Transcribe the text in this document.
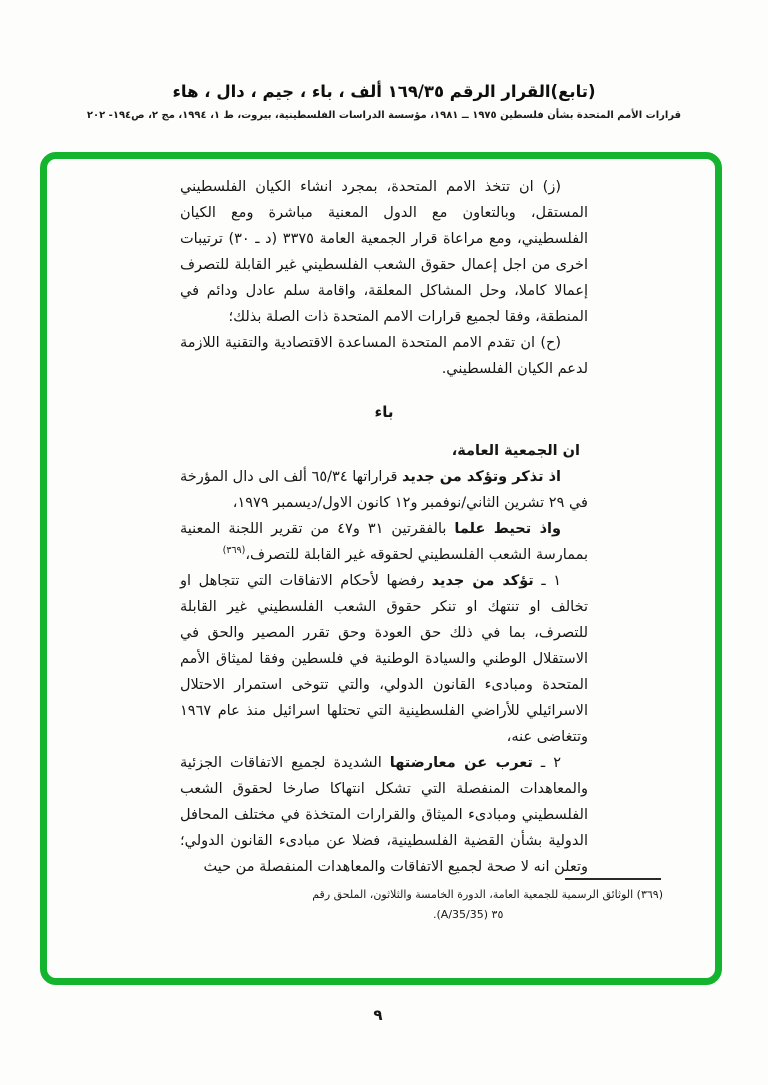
(تابع)القرار الرقم ١٦٩/٣٥ ألف ، باء ، جيم ، دال ، هاء
قرارات الأمم المتحدة بشأن فلسطين ١٩٧٥ ــ ١٩٨١، مؤسسة الدراسات الفلسطينية، بيروت، ط ١، ١٩٩٤، مج ٢، ص١٩٤- ٢٠٢

(ز) ان تتخذ الامم المتحدة، بمجرد انشاء الكيان الفلسطيني المستقل، وبالتعاون مع الدول المعنية مباشرة ومع الكيان الفلسطيني، ومع مراعاة قرار الجمعية العامة ٣٣٧٥ (د ـ ٣٠) ترتيبات اخرى من اجل إعمال حقوق الشعب الفلسطيني غير القابلة للتصرف إعمالا كاملا، وحل المشاكل المعلقة، واقامة سلم عادل ودائم في المنطقة، وفقا لجميع قرارات الامم المتحدة ذات الصلة بذلك؛

(ح) ان تقدم الامم المتحدة المساعدة الاقتصادية والتقنية اللازمة لدعم الكيان الفلسطيني.

باء

ان الجمعية العامة،

اذ تذكر وتؤكد من جديد قراراتها ٦٥/٣٤ ألف الى دال المؤرخة في ٢٩ تشرين الثاني/نوفمبر و١٢ كانون الاول/ديسمبر ١٩٧٩،

واذ تحيط علما بالفقرتين ٣١ و٤٧ من تقرير اللجنة المعنية بممارسة الشعب الفلسطيني لحقوقه غير القابلة للتصرف،$^{(٣٦٩)}$

١ ـ تؤكد من جديد رفضها لأحكام الاتفاقات التي تتجاهل او تخالف او تنتهك او تنكر حقوق الشعب الفلسطيني غير القابلة للتصرف، بما في ذلك حق العودة وحق تقرر المصير والحق في الاستقلال الوطني والسيادة الوطنية في فلسطين وفقا لميثاق الأمم المتحدة ومبادىء القانون الدولي، والتي تتوخى استمرار الاحتلال الاسرائيلي للأراضي الفلسطينية التي تحتلها اسرائيل منذ عام ١٩٦٧ وتتغاضى عنه،

٢ ـ تعرب عن معارضتها الشديدة لجميع الاتفاقات الجزئية والمعاهدات المنفصلة التي تشكل انتهاكا صارخا لحقوق الشعب الفلسطيني ومبادىء الميثاق والقرارات المتخذة في مختلف المحافل الدولية بشأن القضية الفلسطينية، فضلا عن مبادىء القانون الدولي؛ وتعلن انه لا صحة لجميع الاتفاقات والمعاهدات المنفصلة من حيث

(٣٦٩) الوثائق الرسمية للجمعية العامة، الدورة الخامسة والثلاثون، الملحق رقم
٣٥ (A/35/35).
٩
